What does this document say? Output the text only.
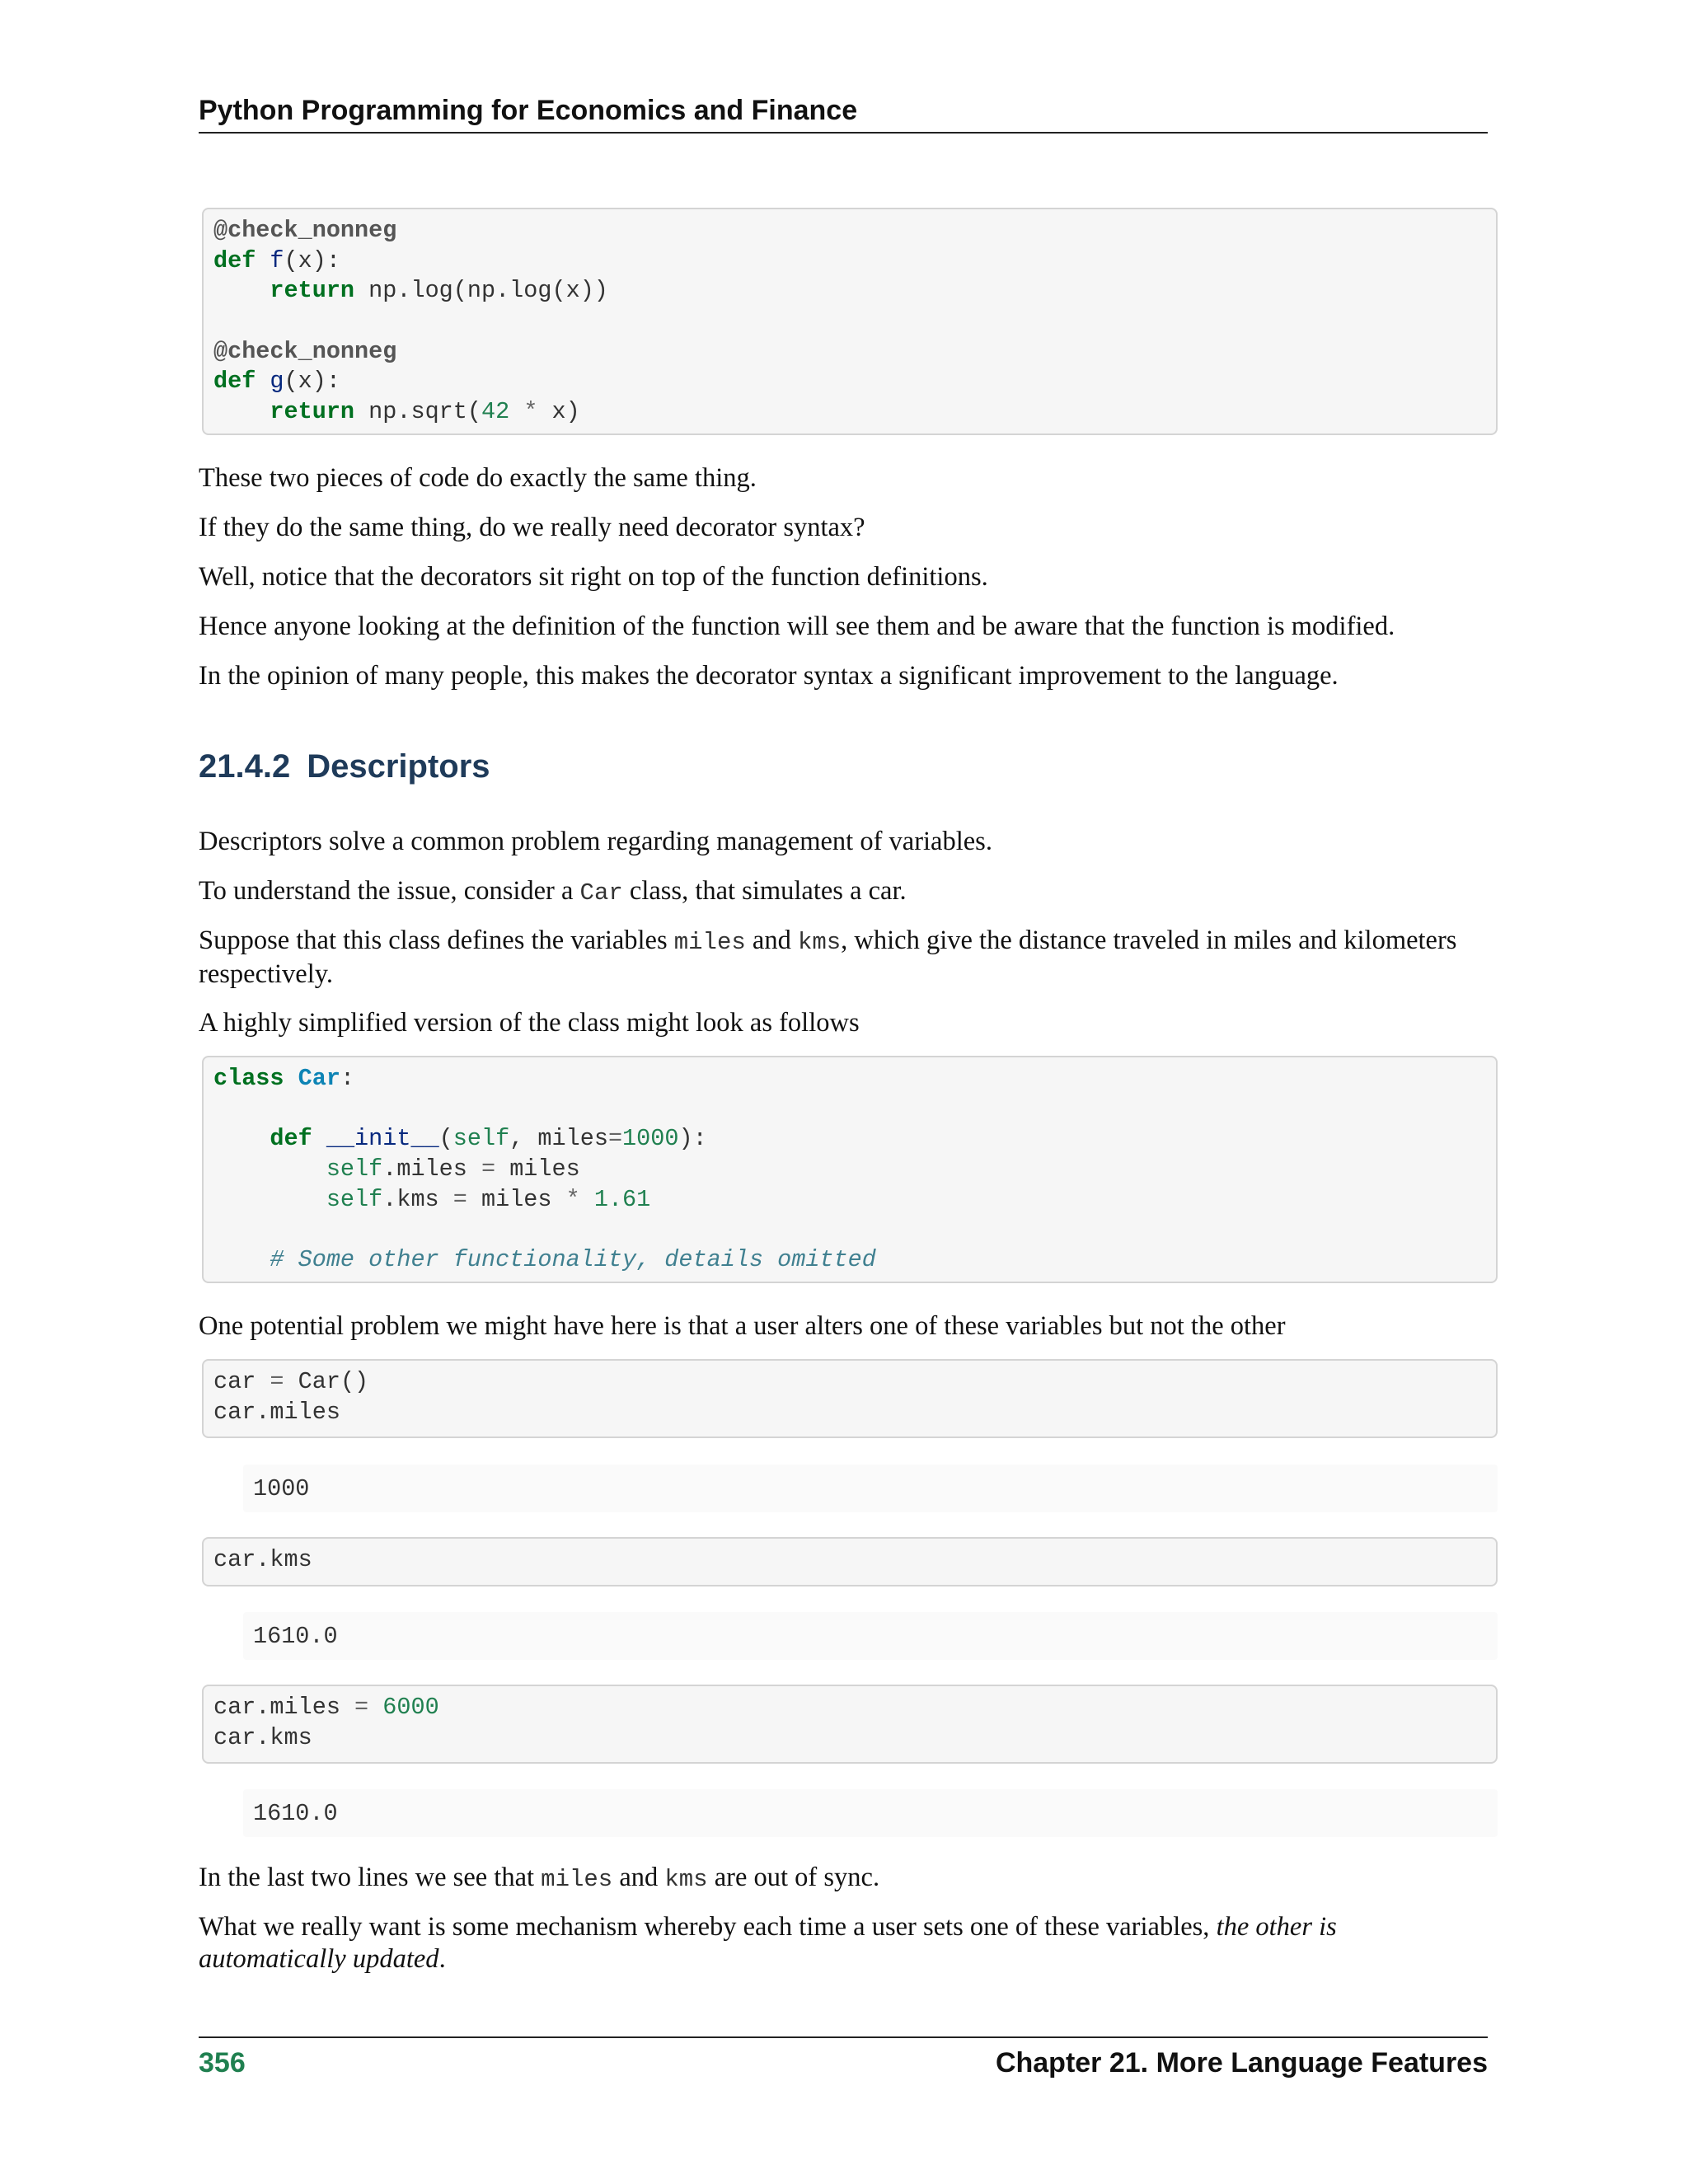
Python Programming for Economics and Finance
@check_nonneg
def f(x):
return np.log(np.log(x))

@check_nonneg
def g(x):
return np.sqrt(42 * x)
These two pieces of code do exactly the same thing.
If they do the same thing, do we really need decorator syntax?
Well, notice that the decorators sit right on top of the function definitions.
Hence anyone looking at the definition of the function will see them and be aware that the function is modified.
In the opinion of many people, this makes the decorator syntax a significant improvement to the language.
21.4.2 Descriptors
Descriptors solve a common problem regarding management of variables.
To understand the issue, consider a Car class, that simulates a car.
Suppose that this class defines the variables miles and kms, which give the distance traveled in miles and kilometers respectively.
A highly simplified version of the class might look as follows
class Car:

def __init__(self, miles=1000):
self.miles = miles
self.kms = miles * 1.61

# Some other functionality, details omitted
One potential problem we might have here is that a user alters one of these variables but not the other
car = Car()
car.miles
1000
car.kms
1610.0
car.miles = 6000
car.kms
1610.0
In the last two lines we see that miles and kms are out of sync.
What we really want is some mechanism whereby each time a user sets one of these variables, the other is automatically updated.
356	Chapter 21. More Language Features
